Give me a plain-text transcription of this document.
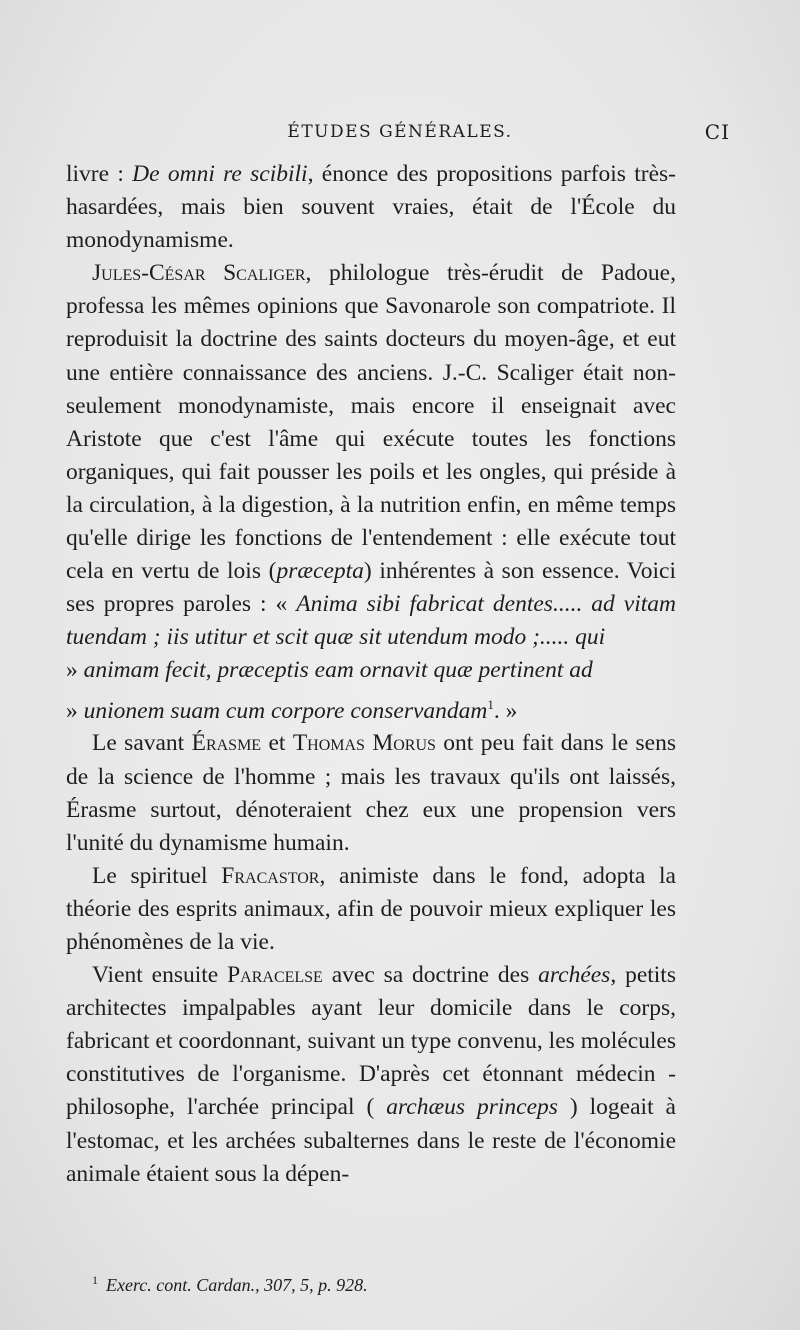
ÉTUDES GÉNÉRALES.	CI

livre : De omni re scibili, énonce des propositions parfois très-hasardées, mais bien souvent vraies, était de l'École du monodynamisme.

Jules-César Scaliger, philologue très-érudit de Padoue, professa les mêmes opinions que Savonarole son compatriote. Il reproduisit la doctrine des saints docteurs du moyen-âge, et eut une entière connaissance des anciens. J.-C. Scaliger était non-seulement monodynamiste, mais encore il enseignait avec Aristote que c'est l'âme qui exécute toutes les fonctions organiques, qui fait pousser les poils et les ongles, qui préside à la circulation, à la digestion, à la nutrition enfin, en même temps qu'elle dirige les fonctions de l'entendement : elle exécute tout cela en vertu de lois (præcepta) inhérentes à son essence. Voici ses propres paroles : « Anima sibi fabricat dentes..... ad vitam tuendam ; iis utitur et scit quæ sit utendum modo ;..... qui
» animam fecit, præceptis eam ornavit quæ pertinent ad
» unionem suam cum corpore conservandam$^1$. »

Le savant Érasme et Thomas Morus ont peu fait dans le sens de la science de l'homme ; mais les travaux qu'ils ont laissés, Érasme surtout, dénoteraient chez eux une propension vers l'unité du dynamisme humain.

Le spirituel Fracastor, animiste dans le fond, adopta la théorie des esprits animaux, afin de pouvoir mieux expliquer les phénomènes de la vie.

Vient ensuite Paracelse avec sa doctrine des archées, petits architectes impalpables ayant leur domicile dans le corps, fabricant et coordonnant, suivant un type convenu, les molécules constitutives de l'organisme. D'après cet étonnant médecin - philosophe, l'archée principal ( archæus princeps ) logeait à l'estomac, et les archées subalternes dans le reste de l'économie animale étaient sous la dépen-

$^1$ Exerc. cont. Cardan., 307, 5, p. 928.
